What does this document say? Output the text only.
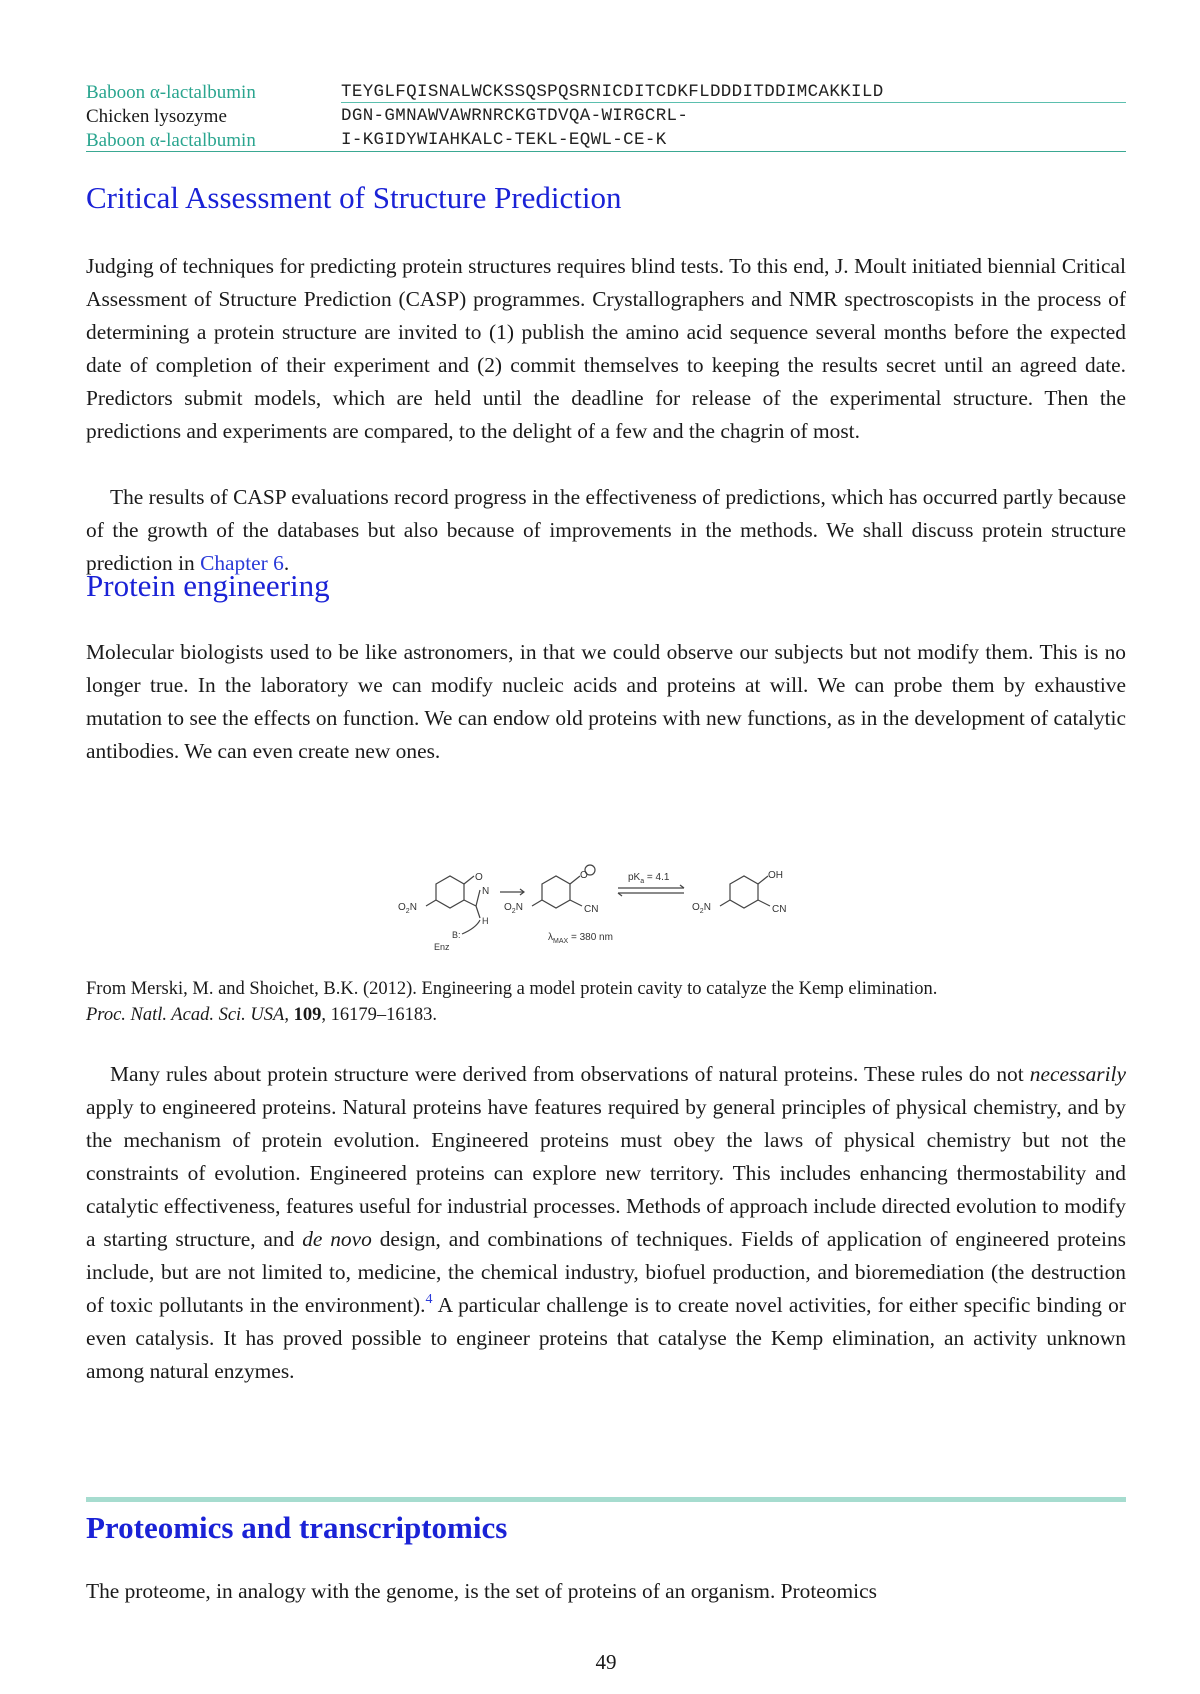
Baboon α-lactalbumin	TEYGLFQISNALWCKSSQSPQSRNICDITCDKFLDDDITDDIMCAKKILD
Chicken lysozyme	DGN-GMNAWVAWRNRCKGTDVQA-WIRGCRL-
Baboon α-lactalbumin	I-KGIDYWIAHKALC-TEKL-EQWL-CE-K
Critical Assessment of Structure Prediction

Judging of techniques for predicting protein structures requires blind tests. To this end, J. Moult initiated biennial Critical Assessment of Structure Prediction (CASP) programmes. Crystallographers and NMR spectroscopists in the process of determining a protein structure are invited to (1) publish the amino acid sequence several months before the expected date of completion of their experiment and (2) commit themselves to keeping the results secret until an agreed date. Predictors submit models, which are held until the deadline for release of the experimental structure. Then the predictions and experiments are compared, to the delight of a few and the chagrin of most.

The results of CASP evaluations record progress in the effectiveness of predictions, which has occurred partly because of the growth of the databases but also because of improvements in the methods. We shall discuss protein structure prediction in Chapter 6.

Protein engineering

Molecular biologists used to be like astronomers, in that we could observe our subjects but not modify them. This is no longer true. In the laboratory we can modify nucleic acids and proteins at will. We can probe them by exhaustive mutation to see the effects on function. We can endow old proteins with new functions, as in the development of catalytic antibodies. We can even create new ones.

O
N
H
$O_2N$
B:
Enz
O
CN
$O_2N$
$\lambda_{MAX} = 380$ nm
$pK_a = 4.1$	OH
CN
$O_2N$

From Merski, M. and Shoichet, B.K. (2012). Engineering a model protein cavity to catalyze the Kemp elimination.
Proc. Natl. Acad. Sci. USA, 109, 16179–16183.

Many rules about protein structure were derived from observations of natural proteins. These rules do not necessarily apply to engineered proteins. Natural proteins have features required by general principles of physical chemistry, and by the mechanism of protein evolution. Engineered proteins must obey the laws of physical chemistry but not the constraints of evolution. Engineered proteins can explore new territory. This includes enhancing thermostability and catalytic effectiveness, features useful for industrial processes. Methods of approach include directed evolution to modify a starting structure, and de novo design, and combinations of techniques. Fields of application of engineered proteins include, but are not limited to, medicine, the chemical industry, biofuel production, and bioremediation (the destruction of toxic pollutants in the environment).$^4$ A particular challenge is to create novel activities, for either specific binding or even catalysis. It has proved possible to engineer proteins that catalyse the Kemp elimination, an activity unknown among natural enzymes.

Proteomics and transcriptomics

The proteome, in analogy with the genome, is the set of proteins of an organism. Proteomics

49
